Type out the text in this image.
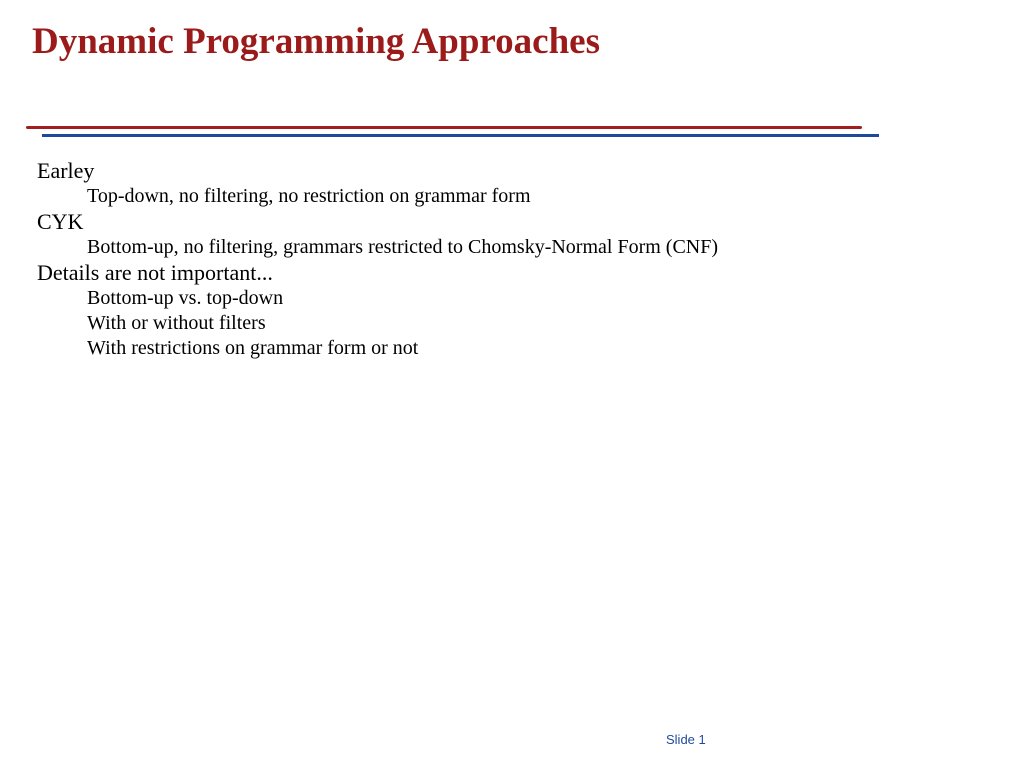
Dynamic Programming Approaches
Earley
Top-down, no filtering, no restriction on grammar form
CYK
Bottom-up, no filtering, grammars restricted to Chomsky-Normal Form (CNF)
Details are not important...
Bottom-up vs. top-down
With or without filters
With restrictions on grammar form or not
Slide 1
